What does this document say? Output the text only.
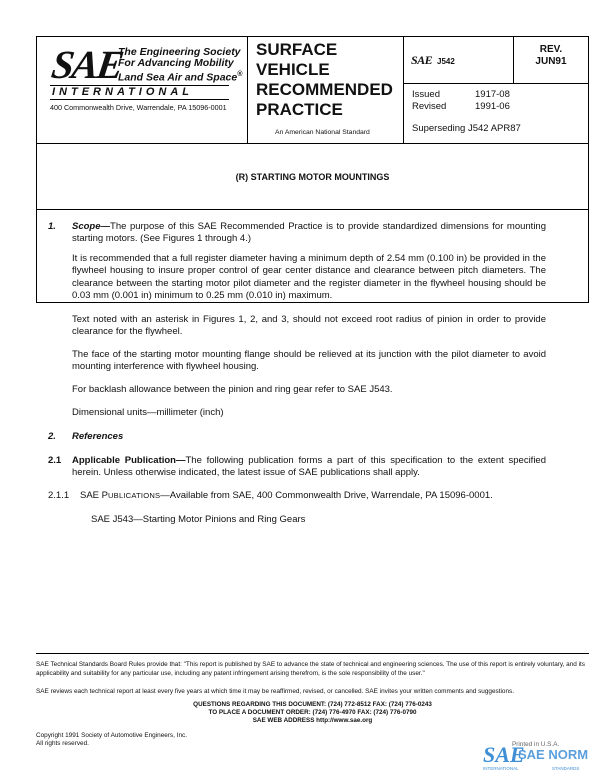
SAE
The Engineering Society
For Advancing Mobility
Land Sea Air and Space®
INTERNATIONAL
400 Commonwealth Drive, Warrendale, PA 15096-0001
SURFACE
VEHICLE
RECOMMENDED
PRACTICE
An American National Standard
SAE J542
REV.
JUN91
Issued	1917-08
Revised	1991-06
Superseding J542 APR87
(R) STARTING MOTOR MOUNTINGS
1. Scope—The purpose of this SAE Recommended Practice is to provide standardized dimensions for mounting starting motors. (See Figures 1 through 4.)
It is recommended that a full register diameter having a minimum depth of 2.54 mm (0.100 in) be provided in the flywheel housing to insure proper control of gear center distance and clearance between pitch diameters. The clearance between the starting motor pilot diameter and the register diameter in the flywheel housing should be 0.03 mm (0.001 in) minimum to 0.25 mm (0.010 in) maximum.
Text noted with an asterisk in Figures 1, 2, and 3, should not exceed root radius of pinion in order to provide clearance for the flywheel.
The face of the starting motor mounting flange should be relieved at its junction with the pilot diameter to avoid mounting interference with flywheel housing.
For backlash allowance between the pinion and ring gear refer to SAE J543.
Dimensional units—millimeter (inch)
2. References
2.1 Applicable Publication—The following publication forms a part of this specification to the extent specified herein. Unless otherwise indicated, the latest issue of SAE publications shall apply.
2.1.1 SAE PUBLICATIONS—Available from SAE, 400 Commonwealth Drive, Warrendale, PA 15096-0001.
SAE J543—Starting Motor Pinions and Ring Gears
SAE Technical Standards Board Rules provide that: "This report is published by SAE to advance the state of technical and engineering sciences. The use of this report is entirely voluntary, and its applicability and suitability for any particular use, including any patent infringement arising therefrom, is the sole responsibility of the user."
SAE reviews each technical report at least every five years at which time it may be reaffirmed, revised, or cancelled. SAE invites your written comments and suggestions.
QUESTIONS REGARDING THIS DOCUMENT: (724) 772-8512 FAX: (724) 776-0243
TO PLACE A DOCUMENT ORDER: (724) 776-4970 FAX: (724) 776-0790
SAE WEB ADDRESS http://www.sae.org
Copyright 1991 Society of Automotive Engineers, Inc.
All rights reserved.	Printed in U.S.A.
SAE
SAE NORM
INTERNATIONAL	STANDARDS
